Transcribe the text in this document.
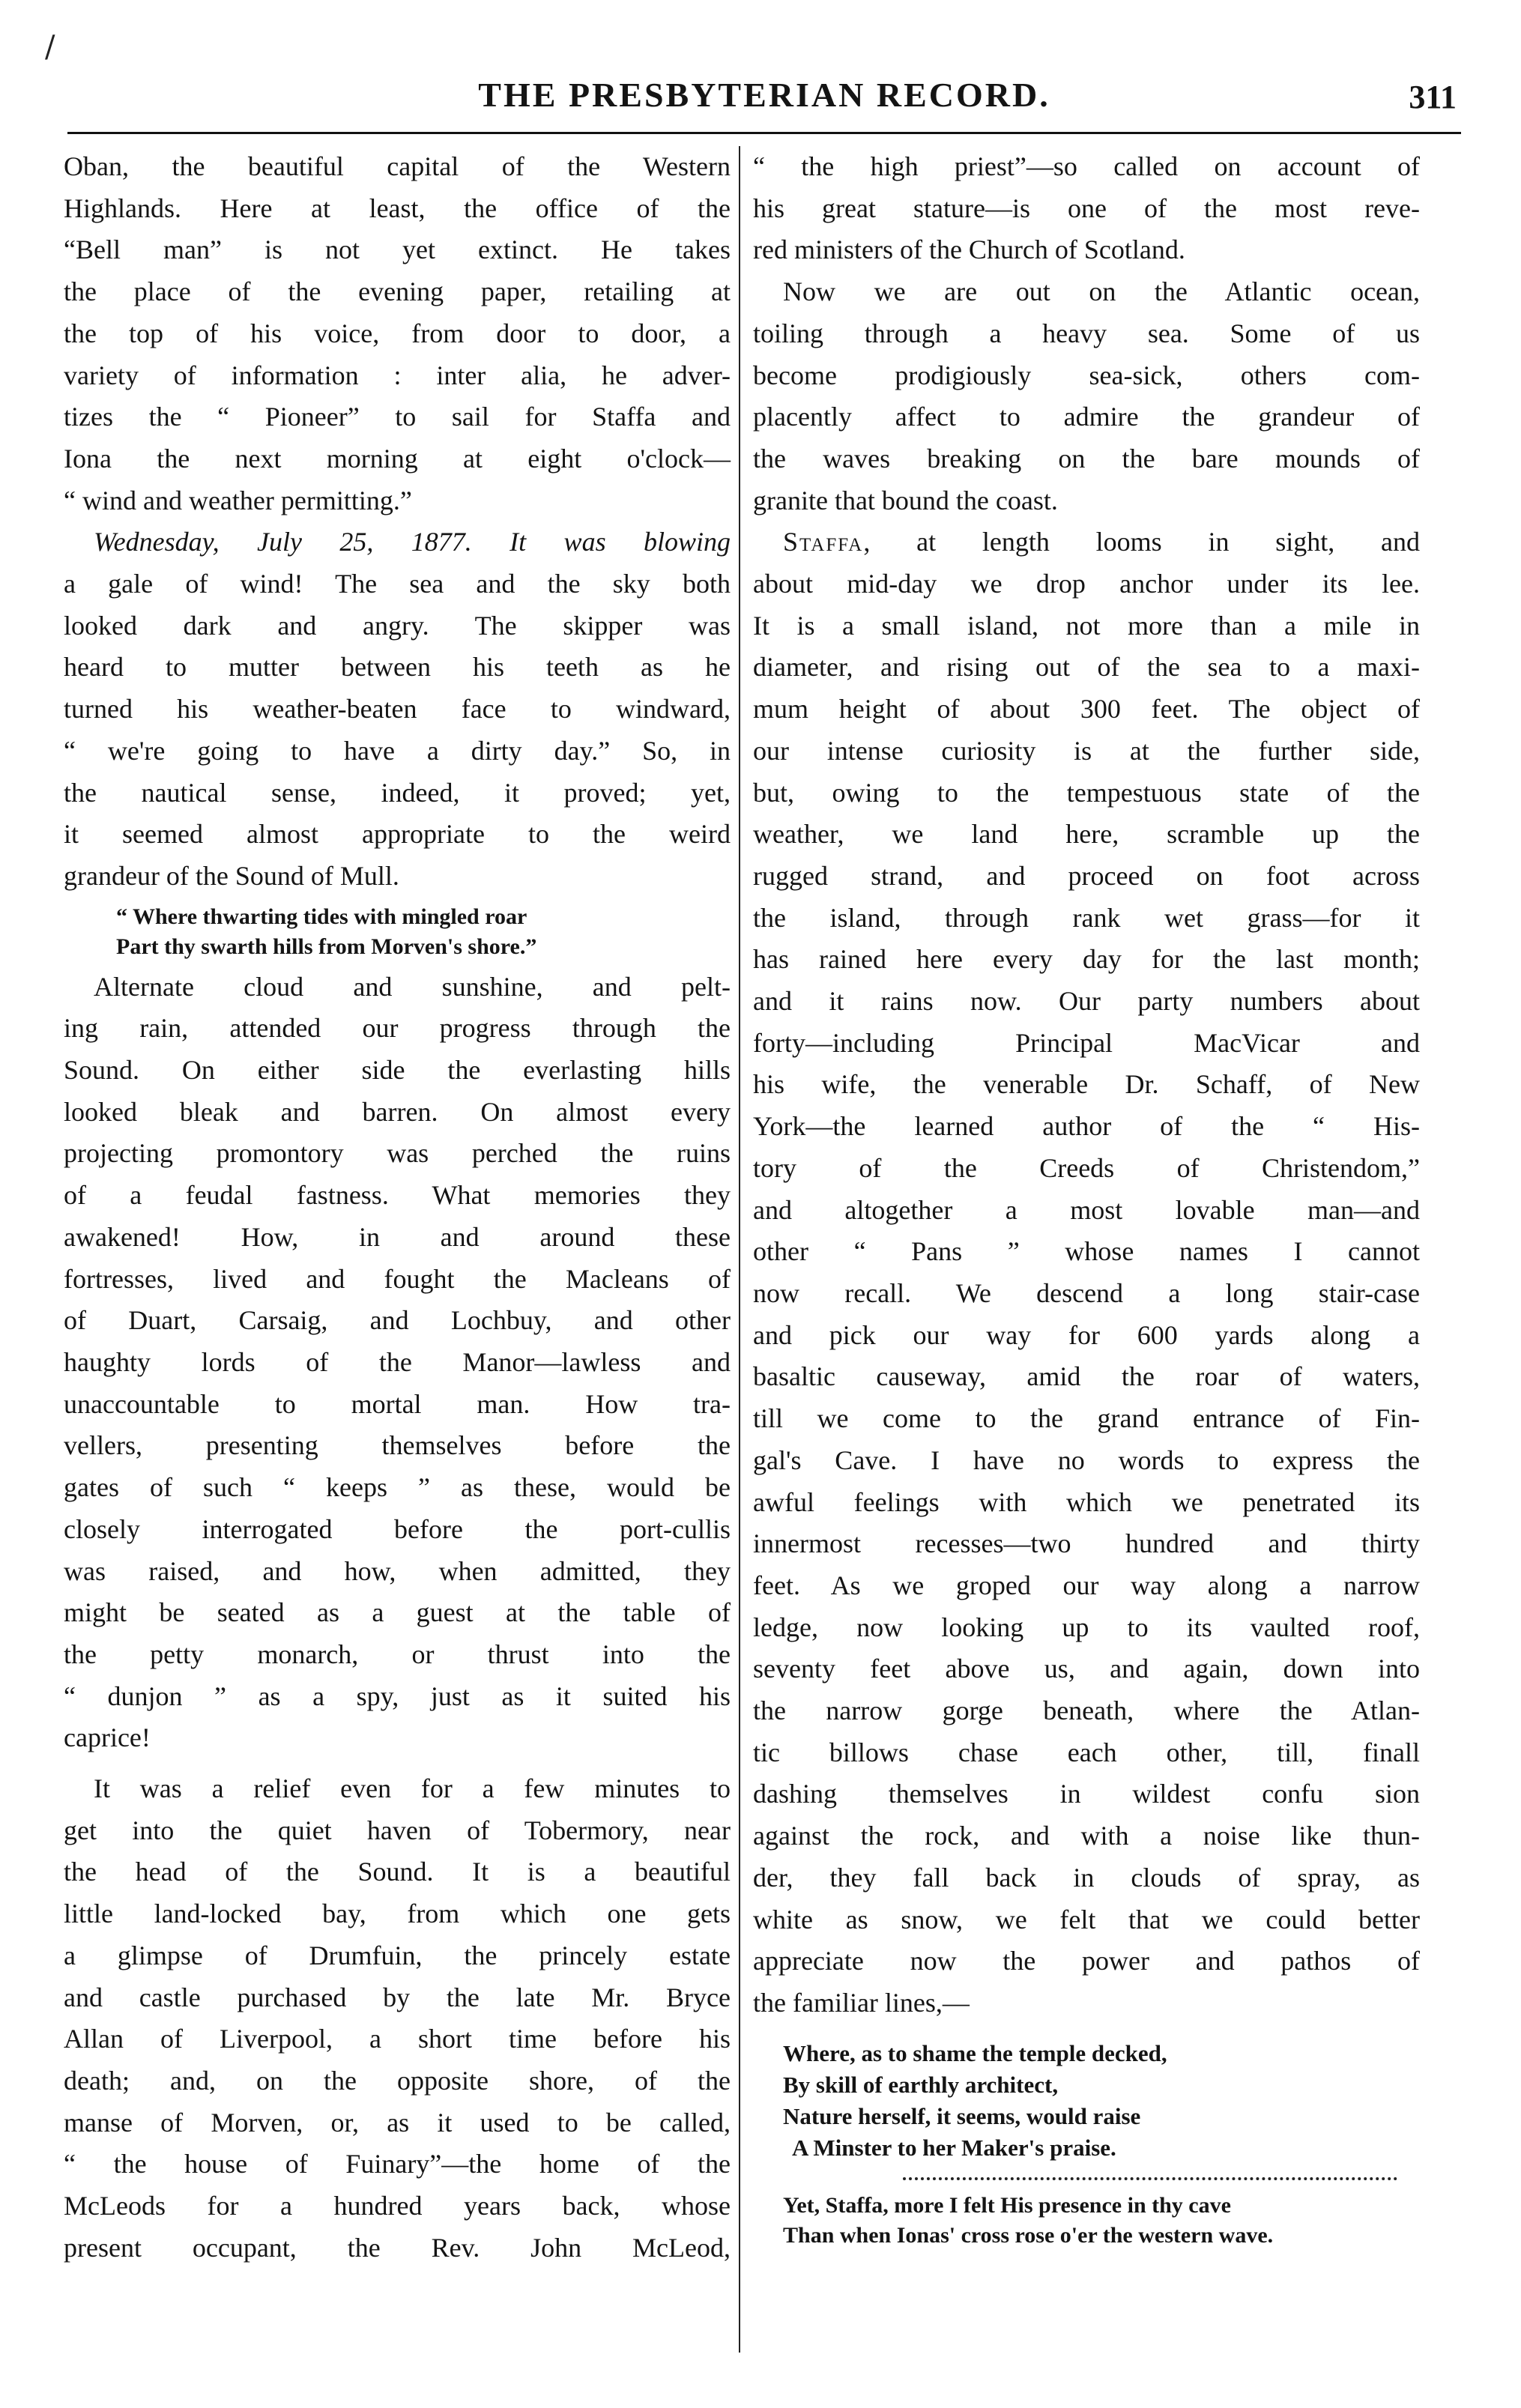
/
THE PRESBYTERIAN RECORD.	311

Oban, the beautiful capital of the Western
Highlands. Here at least, the office of the
“Bell man” is not yet extinct. He takes
the place of the evening paper, retailing at
the top of his voice, from door to door, a
variety of information : inter alia, he adver-
tizes the “ Pioneer” to sail for Staffa and
Iona the next morning at eight o'clock—
“ wind and weather permitting.”

Wednesday, July 25, 1877. It was blowing
a gale of wind! The sea and the sky both
looked dark and angry. The skipper was
heard to mutter between his teeth as he
turned his weather-beaten face to windward,
“ we're going to have a dirty day.” So, in
the nautical sense, indeed, it proved; yet,
it seemed almost appropriate to the weird
grandeur of the Sound of Mull.

“ Where thwarting tides with mingled roar
Part thy swarth hills from Morven's shore.”

Alternate cloud and sunshine, and pelt-
ing rain, attended our progress through the
Sound. On either side the everlasting hills
looked bleak and barren. On almost every
projecting promontory was perched the ruins
of a feudal fastness. What memories they
awakened! How, in and around these
fortresses, lived and fought the Macleans of
of Duart, Carsaig, and Lochbuy, and other
haughty lords of the Manor—lawless and
unaccountable to mortal man. How tra-
vellers, presenting themselves before the
gates of such “ keeps ” as these, would be
closely interrogated before the port-cullis
was raised, and how, when admitted, they
might be seated as a guest at the table of
the petty monarch, or thrust into the
“ dunjon ” as a spy, just as it suited his
caprice!

It was a relief even for a few minutes to
get into the quiet haven of Tobermory, near
the head of the Sound. It is a beautiful
little land-locked bay, from which one gets
a glimpse of Drumfuin, the princely estate
and castle purchased by the late Mr. Bryce
Allan of Liverpool, a short time before his
death; and, on the opposite shore, of the
manse of Morven, or, as it used to be called,
“ the house of Fuinary”—the home of the
McLeods for a hundred years back, whose
present occupant, the Rev. John McLeod,

“ the high priest”—so called on account of
his great stature—is one of the most reve-
red ministers of the Church of Scotland.

Now we are out on the Atlantic ocean,
toiling through a heavy sea. Some of us
become prodigiously sea-sick, others com-
placently affect to admire the grandeur of
the waves breaking on the bare mounds of
granite that bound the coast.

Staffa, at length looms in sight, and
about mid-day we drop anchor under its lee.
It is a small island, not more than a mile in
diameter, and rising out of the sea to a maxi-
mum height of about 300 feet. The object of
our intense curiosity is at the further side,
but, owing to the tempestuous state of the
weather, we land here, scramble up the
rugged strand, and proceed on foot across
the island, through rank wet grass—for it
has rained here every day for the last month;
and it rains now. Our party numbers about
forty—including Principal MacVicar and
his wife, the venerable Dr. Schaff, of New
York—the learned author of the “ His-
tory of the Creeds of Christendom,”
and altogether a most lovable man—and
other “ Pans ” whose names I cannot
now recall. We descend a long stair-case
and pick our way for 600 yards along a
basaltic causeway, amid the roar of waters,
till we come to the grand entrance of Fin-
gal's Cave. I have no words to express the
awful feelings with which we penetrated its
innermost recesses—two hundred and thirty
feet. As we groped our way along a narrow
ledge, now looking up to its vaulted roof,
seventy feet above us, and again, down into
the narrow gorge beneath, where the Atlan-
tic billows chase each other, till, finall
dashing themselves in wildest confu sion
against the rock, and with a noise like thun-
der, they fall back in clouds of spray, as
white as snow, we felt that we could better
appreciate now the power and pathos of
the familiar lines,—

Where, as to shame the temple decked,
By skill of earthly architect,
Nature herself, it seems, would raise
A Minster to her Maker's praise.
Yet, Staffa, more I felt His presence in thy cave
Than when Ionas' cross rose o'er the western wave.
